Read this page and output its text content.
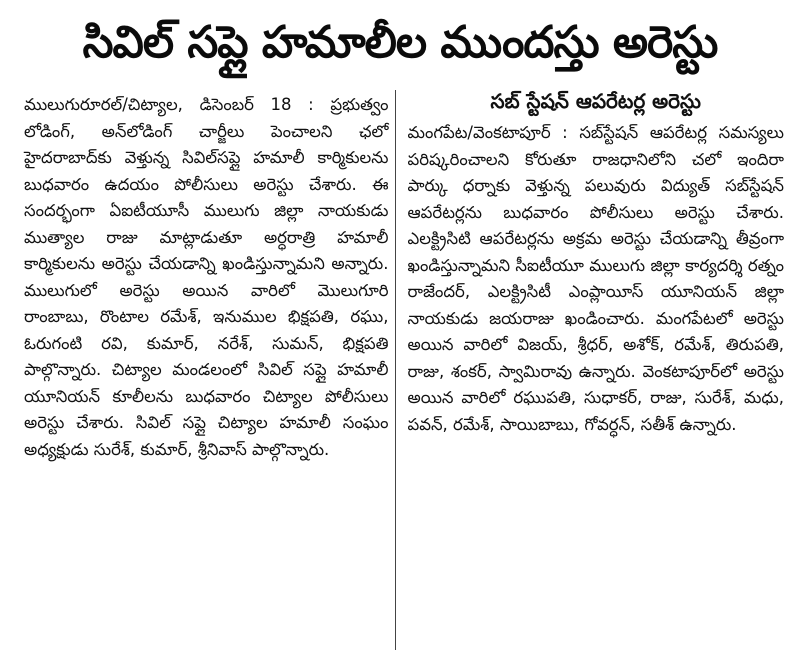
సివిల్ సప్లై హమాలీల ముందస్తు అరెస్టు

ములుగురూరల్/చిట్యాల, డిసెంబర్ 18 : ప్రభుత్వం లోడింగ్, అన్‌లోడింగ్ చార్జీలు పెంచాలని ఛలో హైదరాబాద్‌కు వెళ్తున్న సివిల్‌సప్లై హమాలీ కార్మికులను బుధవారం ఉదయం పోలీసులు అరెస్టు చేశారు. ఈ సందర్భంగా ఏఐటీయూసీ ములుగు జిల్లా నాయకుడు ముత్యాల రాజు మాట్లాడుతూ అర్ధరాత్రి హమాలీ కార్మికులను అరెస్టు చేయడాన్ని ఖండిస్తున్నామని అన్నారు. ములుగులో అరెస్టు అయిన వారిలో మొలుగూరి రాంబాబు, రొంటాల రమేశ్, ఇనుముల భిక్షపతి, రఘు, ఓరుగంటి రవి, కుమార్, నరేశ్, సుమన్, భిక్షపతి పాల్గొన్నారు. చిట్యాల మండలంలో సివిల్ సప్లై హమాలీ యూనియన్ కూలీలను బుధవారం చిట్యాల పోలీసులు అరెస్టు చేశారు. సివిల్ సప్లై చిట్యాల హమాలీ సంఘం అధ్యక్షుడు సురేశ్, కుమార్, శ్రీనివాస్ పాల్గొన్నారు.

సబ్ స్టేషన్ ఆపరేటర్ల అరెస్టు

మంగపేట/వెంకటాపూర్ : సబ్‌స్టేషన్ ఆపరేటర్ల సమస్యలు పరిష్కరించాలని కోరుతూ రాజధానిలోని చలో ఇందిరా పార్కు ధర్నాకు వెళ్తున్న పలువురు విద్యుత్ సబ్‌స్టేషన్ ఆపరేటర్లను బుధవారం పోలీసులు అరెస్టు చేశారు. ఎలక్ట్రిసిటి ఆపరేటర్లను అక్రమ అరెస్టు చేయడాన్ని తీవ్రంగా ఖండిస్తున్నామని సీఐటీయూ ములుగు జిల్లా కార్యదర్శి రత్నం రాజేందర్, ఎలక్ట్రిసిటీ ఎంప్లాయీస్ యూనియన్ జిల్లా నాయకుడు జయరాజు ఖండించారు. మంగపేటలో అరెస్టు అయిన వారిలో విజయ్, శ్రీధర్, అశోక్, రమేశ్, తిరుపతి, రాజు, శంకర్, స్వామిరావు ఉన్నారు. వెంకటాపూర్‌లో అరెస్టు అయిన వారిలో రఘుపతి, సుధాకర్, రాజు, సురేశ్, మధు, పవన్, రమేశ్, సాయిబాబు, గోవర్ధన్, సతీశ్ ఉన్నారు.
